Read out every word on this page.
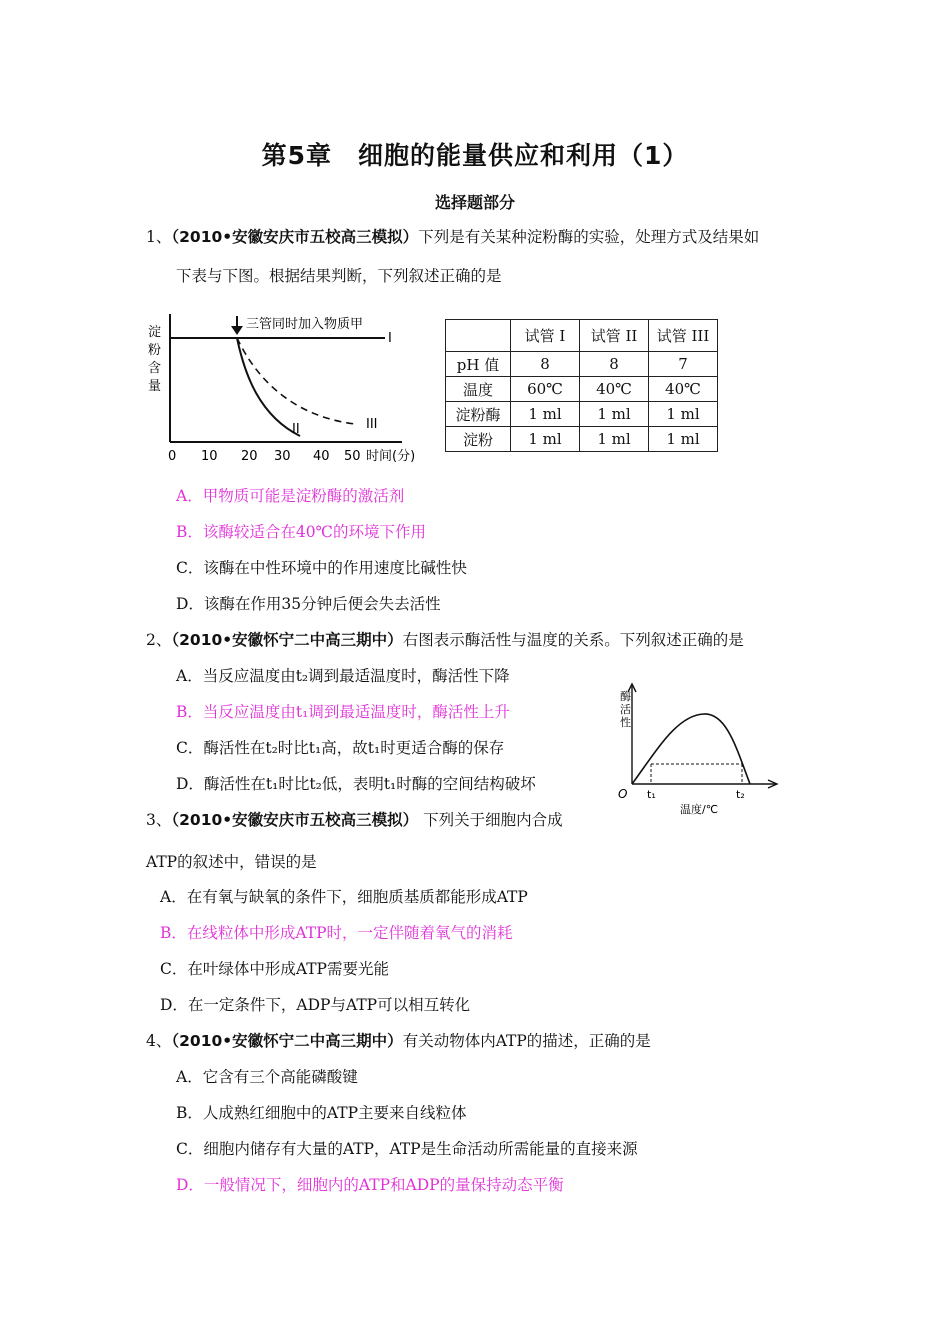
第5章　细胞的能量供应和利用（1）
选择题部分
1、（2010•安徽安庆市五校高三模拟）下列是有关某种淀粉酶的实验，处理方式及结果如
下表与下图。根据结果判断，下列叙述正确的是
淀
粉
含
量
三管同时加入物质甲
I
II	III
0 10 20 30 40 50 时间(分)
	试管 I	试管 II	试管 III
pH 值	8	8	7
温度	60℃	40℃	40℃
淀粉酶	1 ml	1 ml	1 ml
淀粉	1 ml	1 ml	1 ml
A．甲物质可能是淀粉酶的激活剂
B．该酶较适合在40℃的环境下作用
C．该酶在中性环境中的作用速度比碱性快
D．该酶在作用35分钟后便会失去活性
2、（2010•安徽怀宁二中高三期中）右图表示酶活性与温度的关系。下列叙述正确的是
A．当反应温度由t₂调到最适温度时，酶活性下降
B．当反应温度由t₁调到最适温度时，酶活性上升
C．酶活性在t₂时比t₁高，故t₁时更适合酶的保存
D．酶活性在t₁时比t₂低，表明t₁时酶的空间结构破坏
酶
活
性
O t₁	t₂
温度/℃
3、（2010•安徽安庆市五校高三模拟） 下列关于细胞内合成
ATP的叙述中，错误的是
A．在有氧与缺氧的条件下，细胞质基质都能形成ATP
B．在线粒体中形成ATP时，一定伴随着氧气的消耗
C．在叶绿体中形成ATP需要光能
D．在一定条件下，ADP与ATP可以相互转化
4、（2010•安徽怀宁二中高三期中）有关动物体内ATP的描述，正确的是
A．它含有三个高能磷酸键
B．人成熟红细胞中的ATP主要来自线粒体
C．细胞内储存有大量的ATP，ATP是生命活动所需能量的直接来源
D．一般情况下，细胞内的ATP和ADP的量保持动态平衡
